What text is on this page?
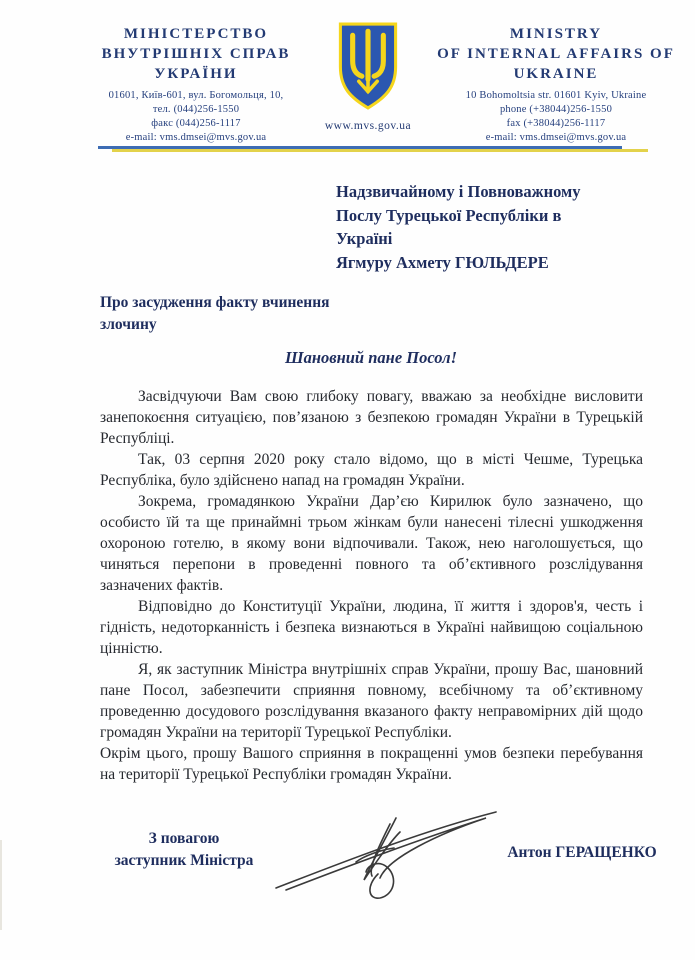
МІНІСТЕРСТВО
ВНУТРІШНІХ СПРАВ
УКРАЇНИ
01601, Київ-601, вул. Богомольця, 10,
тел. (044)256-1550
факс (044)256-1117
e-mail: vms.dmsei@mvs.gov.ua
www.mvs.gov.ua
MINISTRY
OF INTERNAL AFFAIRS OF
UKRAINE
10 Bohomoltsia str. 01601 Kyiv, Ukraine
phone (+38044)256-1550
fax (+38044)256-1117
e-mail: vms.dmsei@mvs.gov.ua
Надзвичайному і Повноважному
Послу Турецької Республіки в
Україні
Ягмуру Ахмету ГЮЛЬДЕРЕ
Про засудження факту вчинення
злочину
Шановний пане Посол!

Засвідчуючи Вам свою глибоку повагу, вважаю за необхідне висловити занепокоєння ситуацією, пов’язаною з безпекою громадян України в Турецькій Республіці.

Так, 03 серпня 2020 року стало відомо, що в місті Чешме, Турецька Республіка, було здійснено напад на громадян України.

Зокрема, громадянкою України Дар’єю Кирилюк було зазначено, що особисто їй та ще принаймні трьом жінкам були нанесені тілесні ушкодження охороною готелю, в якому вони відпочивали. Також, нею наголошується, що чиняться перепони в проведенні повного та об’єктивного розслідування зазначених фактів.

Відповідно до Конституції України, людина, її життя і здоров'я, честь і гідність, недоторканність і безпека визнаються в Україні найвищою соціальною цінністю.

Я, як заступник Міністра внутрішніх справ України, прошу Вас, шановний пане Посол, забезпечити сприяння повному, всебічному та об’єктивному проведенню досудового розслідування вказаного факту неправомірних дій щодо громадян України на території Турецької Республіки.

Окрім цього, прошу Вашого сприяння в покращенні умов безпеки перебування на території Турецької Республіки громадян України.

З повагою
заступник Міністра	Антон ГЕРАЩЕНКО
